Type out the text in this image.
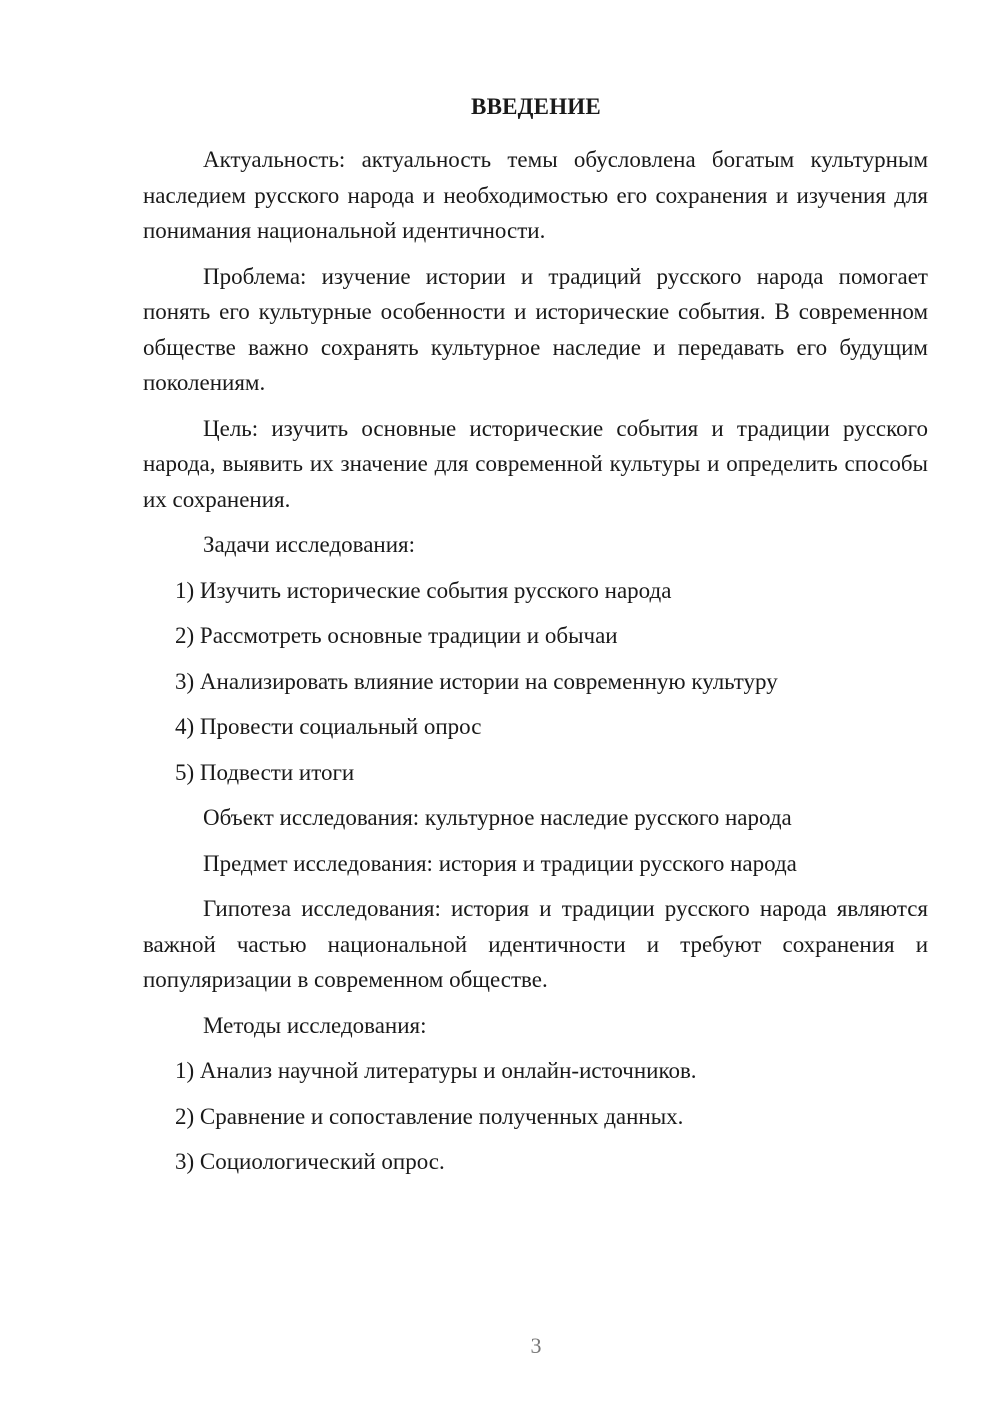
ВВЕДЕНИЕ

Актуальность: актуальность темы обусловлена богатым культурным наследием русского народа и необходимостью его сохранения и изучения для понимания национальной идентичности.

Проблема: изучение истории и традиций русского народа помогает понять его культурные особенности и исторические события. В современном обществе важно сохранять культурное наследие и передавать его будущим поколениям.

Цель: изучить основные исторические события и традиции русского народа, выявить их значение для современной культуры и определить способы их сохранения.

Задачи исследования:
1) Изучить исторические события русского народа
2) Рассмотреть основные традиции и обычаи
3) Анализировать влияние истории на современную культуру
4) Провести социальный опрос
5) Подвести итоги
Объект исследования: культурное наследие русского народа
Предмет исследования: история и традиции русского народа

Гипотеза исследования: история и традиции русского народа являются важной частью национальной идентичности и требуют сохранения и популяризации в современном обществе.

Методы исследования:
1) Анализ научной литературы и онлайн-источников.
2) Сравнение и сопоставление полученных данных.
3) Социологический опрос.
3
